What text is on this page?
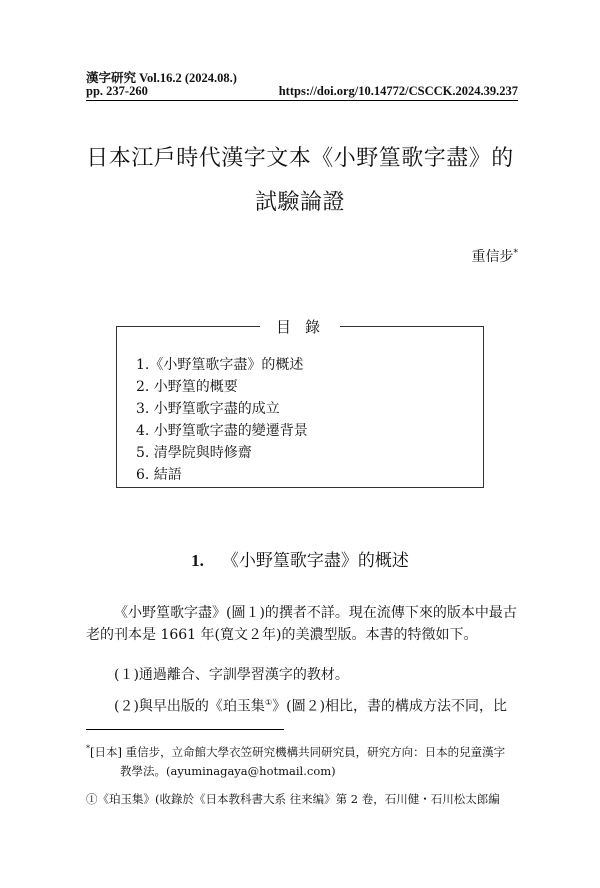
漢字研究 Vol.16.2 (2024.08.)
pp. 237-260	https://doi.org/10.14772/CSCCK.2024.39.237
日本江戶時代漢字文本《小野篁歌字盡》的
試驗論證
重信步*
目錄
1.《小野篁歌字盡》的概述
2. 小野篁的概要
3. 小野篁歌字盡的成立
4. 小野篁歌字盡的變遷背景
5. 清學院與時修齋
6. 結語
1. 《小野篁歌字盡》的概述

《小野篁歌字盡》(圖１)的撰者不詳。現在流傳下來的版本中最古老的刊本是 1661 年(寛文２年)的美濃型版。本書的特徵如下。

(１)通過離合、字訓學習漢字的教材。

(２)與早出版的《珀玉集①》(圖２)相比，書的構成方法不同，比

*[日本] 重信步，立命館大學衣笠研究機構共同研究員，研究方向：日本的兒童漢字

教學法。(ayuminagaya@hotmail.com)

①《珀玉集》(收錄於《日本教科書大系 往来编》第 2 卷，石川健・石川松太郎編
